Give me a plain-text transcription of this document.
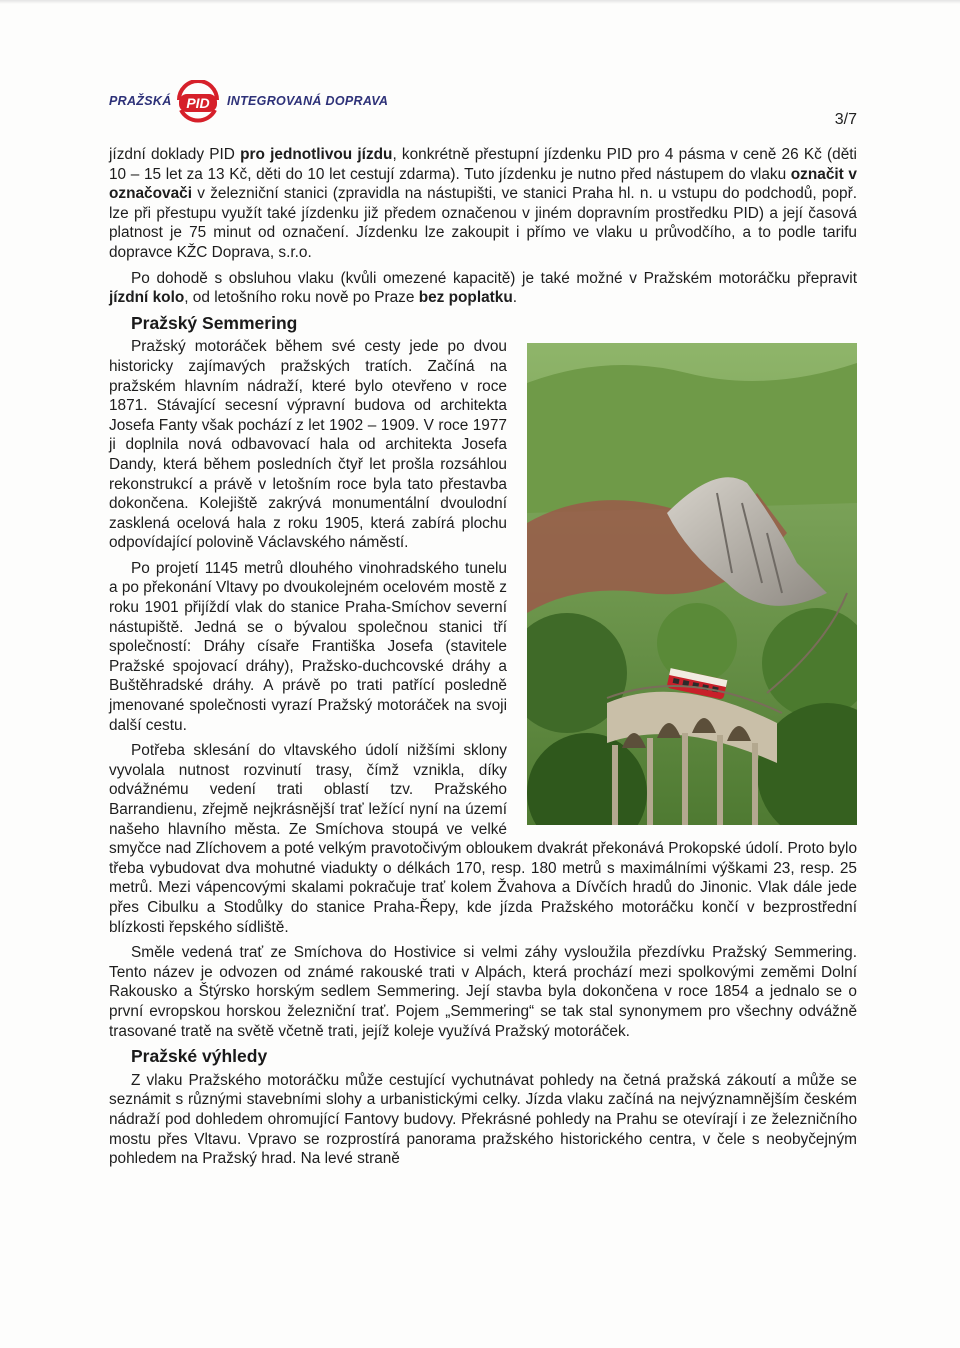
PRAŽSKÁ PID INTEGROVANÁ DOPRAVA
3/7

jízdní doklady PID pro jednotlivou jízdu, konkrétně přestupní jízdenku PID pro 4 pásma v ceně 26 Kč (děti 10 – 15 let za 13 Kč, děti do 10 let cestují zdarma). Tuto jízdenku je nutno před nástupem do vlaku označit v označovači v železniční stanici (zpravidla na nástupišti, ve stanici Praha hl. n. u vstupu do podchodů, popř. lze při přestupu využít také jízdenku již předem označenou v jiném dopravním prostředku PID) a její časová platnost je 75 minut od označení. Jízdenku lze zakoupit i přímo ve vlaku u průvodčího, a to podle tarifu dopravce KŽC Doprava, s.r.o.

Po dohodě s obsluhou vlaku (kvůli omezené kapacitě) je také možné v Pražském motoráčku přepravit jízdní kolo, od letošního roku nově po Praze bez poplatku.

Pražský Semmering

Pražský motoráček během své cesty jede po dvou historicky zajímavých pražských tratích. Začíná na pražském hlavním nádraží, které bylo otevřeno v roce 1871. Stávající secesní výpravní budova od architekta Josefa Fanty však pochází z let 1902 – 1909. V roce 1977 ji doplnila nová odbavovací hala od architekta Josefa Dandy, která během posledních čtyř let prošla rozsáhlou rekonstrukcí a právě v letošním roce byla tato přestavba dokončena. Kolejiště zakrývá monumentální dvoulodní zasklená ocelová hala z roku 1905, která zabírá plochu odpovídající polovině Václavského náměstí.

Po projetí 1145 metrů dlouhého vinohradského tunelu a po překonání Vltavy po dvoukolejném ocelovém mostě z roku 1901 přijíždí vlak do stanice Praha-Smíchov severní nástupiště. Jedná se o bývalou společnou stanici tří společností: Dráhy císaře Františka Josefa (stavitele Pražské spojovací dráhy), Pražsko-duchcovské dráhy a Buštěhradské dráhy. A právě po trati patřící posledně jmenované společnosti vyrazí Pražský motoráček na svoji další cestu.

Potřeba sklesání do vltavského údolí nižšími sklony vyvolala nutnost rozvinutí trasy, čímž vznikla, díky odvážnému vedení trati oblastí tzv. Pražského Barrandienu, zřejmě nejkrásnější trať ležící nyní na území našeho hlavního města. Ze Smíchova stoupá ve velké smyčce nad Zlíchovem a poté velkým pravotočivým obloukem dvakrát překonává Prokopské údolí. Proto bylo třeba vybudovat dva mohutné viadukty o délkách 170, resp. 180 metrů s maximálními výškami 23, resp. 25 metrů. Mezi vápencovými skalami pokračuje trať kolem Žvahova a Dívčích hradů do Jinonic. Vlak dále jede přes Cibulku a Stodůlky do stanice Praha-Řepy, kde jízda Pražského motoráčku končí v bezprostřední blízkosti řepského sídliště.

Směle vedená trať ze Smíchova do Hostivice si velmi záhy vysloužila přezdívku Pražský Semmering. Tento název je odvozen od známé rakouské trati v Alpách, která prochází mezi spolkovými zeměmi Dolní Rakousko a Štýrsko horským sedlem Semmering. Její stavba byla dokončena v roce 1854 a jednalo se o první evropskou horskou železniční trať. Pojem „Semmering“ se tak stal synonymem pro všechny odvážně trasované tratě na světě včetně trati, jejíž koleje využívá Pražský motoráček.

Pražské výhledy

Z vlaku Pražského motoráčku může cestující vychutnávat pohledy na četná pražská zákoutí a může se seznámit s různými stavebními slohy a urbanistickými celky. Jízda vlaku začíná na nejvýznamnějším českém nádraží pod dohledem ohromující Fantovy budovy. Překrásné pohledy na Prahu se otevírají i ze železničního mostu přes Vltavu. Vpravo se rozprostírá panorama pražského historického centra, v čele s neobyčejným pohledem na Pražský hrad. Na levé straně
